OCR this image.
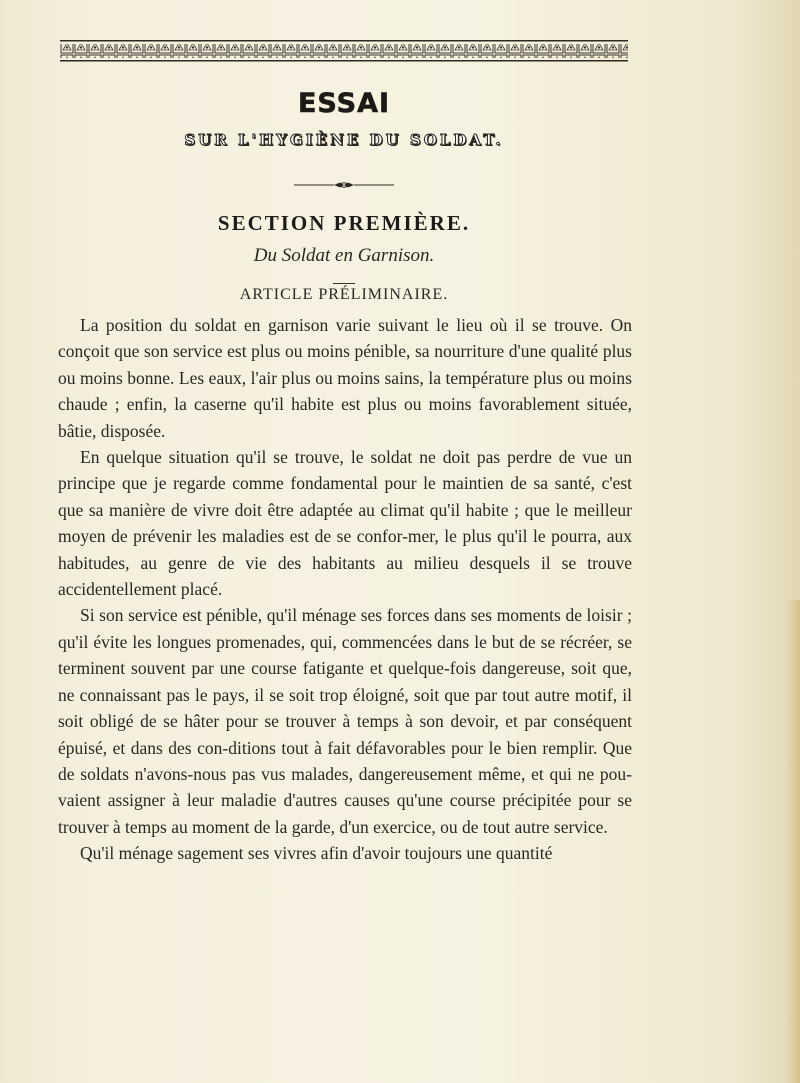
ESSAI
SUR L'HYGIÈNE DU SOLDAT.
SECTION PREMIÈRE.
Du Soldat en Garnison.
ARTICLE PRÉLIMINAIRE.

La position du soldat en garnison varie suivant le lieu où il se trouve. On conçoit que son service est plus ou moins pénible, sa nourriture d'une qualité plus ou moins bonne. Les eaux, l'air plus ou moins sains, la température plus ou moins chaude ; enfin, la caserne qu'il habite est plus ou moins favorablement située, bâtie, disposée.

En quelque situation qu'il se trouve, le soldat ne doit pas perdre de vue un principe que je regarde comme fondamental pour le maintien de sa santé, c'est que sa manière de vivre doit être adaptée au climat qu'il habite ; que le meilleur moyen de prévenir les maladies est de se confor-mer, le plus qu'il le pourra, aux habitudes, au genre de vie des habitants au milieu desquels il se trouve accidentellement placé.

Si son service est pénible, qu'il ménage ses forces dans ses moments de loisir ; qu'il évite les longues promenades, qui, commencées dans le but de se récréer, se terminent souvent par une course fatigante et quelque-fois dangereuse, soit que, ne connaissant pas le pays, il se soit trop éloigné, soit que par tout autre motif, il soit obligé de se hâter pour se trouver à temps à son devoir, et par conséquent épuisé, et dans des con-ditions tout à fait défavorables pour le bien remplir. Que de soldats n'avons-nous pas vus malades, dangereusement même, et qui ne pou-vaient assigner à leur maladie d'autres causes qu'une course précipitée pour se trouver à temps au moment de la garde, d'un exercice, ou de tout autre service.

Qu'il ménage sagement ses vivres afin d'avoir toujours une quantité
